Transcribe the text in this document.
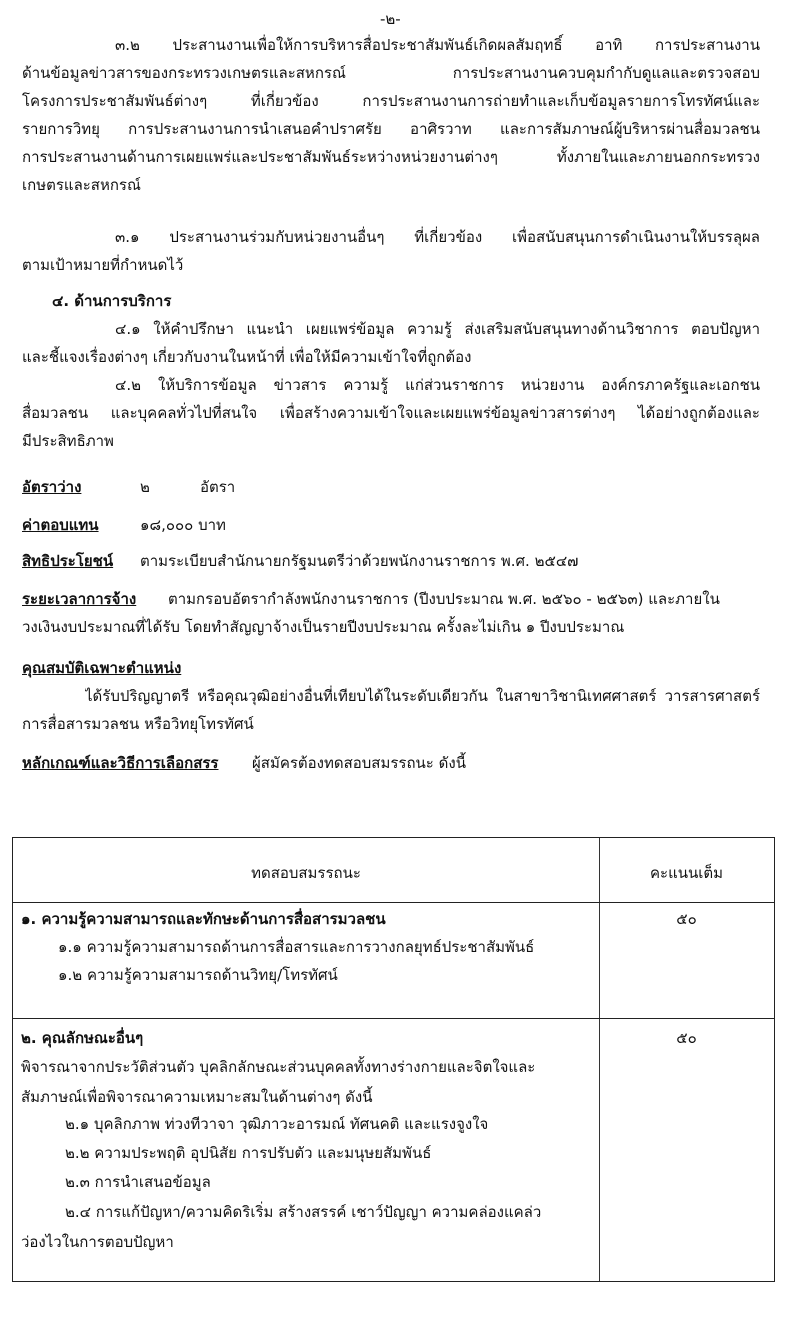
-๒-
๓.๒ ประสานงานเพื่อให้การบริหารสื่อประชาสัมพันธ์เกิดผลสัมฤทธิ์ อาทิ การประสานงาน
ด้านข้อมูลข่าวสารของกระทรวงเกษตรและสหกรณ์ การประสานงานควบคุมกำกับดูแลและตรวจสอบ
โครงการประชาสัมพันธ์ต่างๆ ที่เกี่ยวข้อง การประสานงานการถ่ายทำและเก็บข้อมูลรายการโทรทัศน์และ
รายการวิทยุ การประสานงานการนำเสนอคำปราศรัย อาศิรวาท และการสัมภาษณ์ผู้บริหารผ่านสื่อมวลชน
การประสานงานด้านการเผยแพร่และประชาสัมพันธ์ระหว่างหน่วยงานต่างๆ ทั้งภายในและภายนอกกระทรวง
เกษตรและสหกรณ์
๓.๑ ประสานงานร่วมกับหน่วยงานอื่นๆ ที่เกี่ยวข้อง เพื่อสนับสนุนการดำเนินงานให้บรรลุผล
ตามเป้าหมายที่กำหนดไว้
๔. ด้านการบริการ
๔.๑ ให้คำปรึกษา แนะนำ เผยแพร่ข้อมูล ความรู้ ส่งเสริมสนับสนุนทางด้านวิชาการ ตอบปัญหา
และชี้แจงเรื่องต่างๆ เกี่ยวกับงานในหน้าที่ เพื่อให้มีความเข้าใจที่ถูกต้อง
๔.๒ ให้บริการข้อมูล ข่าวสาร ความรู้ แก่ส่วนราชการ หน่วยงาน องค์กรภาครัฐและเอกชน
สื่อมวลชน และบุคคลทั่วไปที่สนใจ เพื่อสร้างความเข้าใจและเผยแพร่ข้อมูลข่าวสารต่างๆ ได้อย่างถูกต้องและ
มีประสิทธิภาพ
อัตราว่าง	๒	อัตรา
ค่าตอบแทน	๑๘,๐๐๐ บาท
สิทธิประโยชน์ ตามระเบียบสำนักนายกรัฐมนตรีว่าด้วยพนักงานราชการ พ.ศ. ๒๕๔๗
ระยะเวลาการจ้าง ตามกรอบอัตรากำลังพนักงานราชการ (ปีงบประมาณ พ.ศ. ๒๕๖๐ - ๒๕๖๓) และภายใน
วงเงินงบประมาณที่ได้รับ โดยทำสัญญาจ้างเป็นรายปีงบประมาณ ครั้งละไม่เกิน ๑ ปีงบประมาณ
คุณสมบัติเฉพาะตำแหน่ง
ได้รับปริญญาตรี หรือคุณวุฒิอย่างอื่นที่เทียบได้ในระดับเดียวกัน ในสาขาวิชานิเทศศาสตร์ วารสารศาสตร์
การสื่อสารมวลชน หรือวิทยุโทรทัศน์
หลักเกณฑ์และวิธีการเลือกสรร ผู้สมัครต้องทดสอบสมรรถนะ ดังนี้
ทดสอบสมรรถนะ	คะแนนเต็ม
๑. ความรู้ความสามารถและทักษะด้านการสื่อสารมวลชน	๕๐
๑.๑ ความรู้ความสามารถด้านการสื่อสารและการวางกลยุทธ์ประชาสัมพันธ์
๑.๒ ความรู้ความสามารถด้านวิทยุ/โทรทัศน์
๒. คุณลักษณะอื่นๆ	๕๐
พิจารณาจากประวัติส่วนตัว บุคลิกลักษณะส่วนบุคคลทั้งทางร่างกายและจิตใจและ
สัมภาษณ์เพื่อพิจารณาความเหมาะสมในด้านต่างๆ ดังนี้
๒.๑ บุคลิกภาพ ท่วงทีวาจา วุฒิภาวะอารมณ์ ทัศนคติ และแรงจูงใจ
๒.๒ ความประพฤติ อุปนิสัย การปรับตัว และมนุษยสัมพันธ์
๒.๓ การนำเสนอข้อมูล
๒.๔ การแก้ปัญหา/ความคิดริเริ่ม สร้างสรรค์ เชาว์ปัญญา ความคล่องแคล่ว
ว่องไวในการตอบปัญหา
